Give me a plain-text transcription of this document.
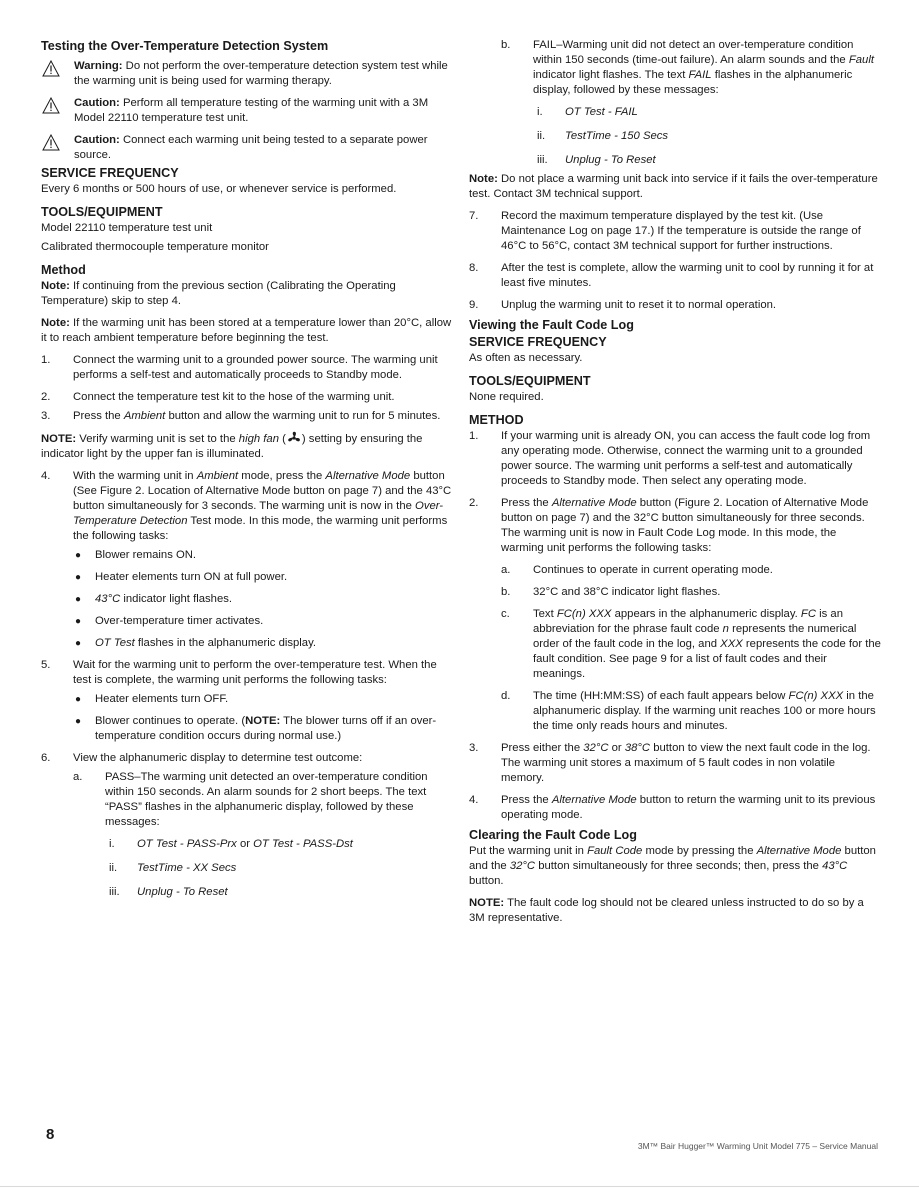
Testing the Over-Temperature Detection System
Warning: Do not perform the over-temperature detection system test while the warming unit is being used for warming therapy.
Caution: Perform all temperature testing of the warming unit with a 3M Model 22110 temperature test unit.
Caution: Connect each warming unit being tested to a separate power source.
SERVICE FREQUENCY
Every 6 months or 500 hours of use, or whenever service is performed.
TOOLS/EQUIPMENT
Model 22110 temperature test unit
Calibrated thermocouple temperature monitor
Method
Note: If continuing from the previous section (Calibrating the Operating Temperature) skip to step 4.
Note: If the warming unit has been stored at a temperature lower than 20°C, allow it to reach ambient temperature before beginning the test.
1. Connect the warming unit to a grounded power source. The warming unit performs a self-test and automatically proceeds to Standby mode.
2. Connect the temperature test kit to the hose of the warming unit.
3. Press the Ambient button and allow the warming unit to run for 5 minutes.
NOTE: Verify warming unit is set to the high fan ( ) setting by ensuring the indicator light by the upper fan is illuminated.
4. With the warming unit in Ambient mode, press the Alternative Mode button (See Figure 2. Location of Alternative Mode button on page 7) and the 43°C button simultaneously for 3 seconds. The warming unit is now in the Over-Temperature Detection Test mode. In this mode, the warming unit performs the following tasks:
● Blower remains ON.
● Heater elements turn ON at full power.
● 43°C indicator light flashes.
● Over-temperature timer activates.
● OT Test flashes in the alphanumeric display.
5. Wait for the warming unit to perform the over-temperature test. When the test is complete, the warming unit performs the following tasks:
● Heater elements turn OFF.
● Blower continues to operate. (NOTE: The blower turns off if an over-temperature condition occurs during normal use.)
6. View the alphanumeric display to determine test outcome:
a. PASS–The warming unit detected an over-temperature condition within 150 seconds. An alarm sounds for 2 short beeps. The text “PASS” flashes in the alphanumeric display, followed by these messages:
i. OT Test - PASS-Prx or OT Test - PASS-Dst
ii. TestTime - XX Secs
iii. Unplug - To Reset
b. FAIL–Warming unit did not detect an over-temperature condition within 150 seconds (time-out failure). An alarm sounds and the Fault indicator light flashes. The text FAIL flashes in the alphanumeric display, followed by these messages:
i. OT Test - FAIL
ii. TestTime - 150 Secs
iii. Unplug - To Reset
Note: Do not place a warming unit back into service if it fails the over-temperature test. Contact 3M technical support.
7. Record the maximum temperature displayed by the test kit. (Use Maintenance Log on page 17.) If the temperature is outside the range of 46°C to 56°C, contact 3M technical support for further instructions.
8. After the test is complete, allow the warming unit to cool by running it for at least five minutes.
9. Unplug the warming unit to reset it to normal operation.
Viewing the Fault Code Log
SERVICE FREQUENCY
As often as necessary.
TOOLS/EQUIPMENT
None required.
METHOD
1. If your warming unit is already ON, you can access the fault code log from any operating mode. Otherwise, connect the warming unit to a grounded power source. The warming unit performs a self-test and automatically proceeds to Standby mode. Then select any operating mode.
2. Press the Alternative Mode button (Figure 2. Location of Alternative Mode button on page 7) and the 32°C button simultaneously for three seconds. The warming unit is now in Fault Code Log mode. In this mode, the warming unit performs the following tasks:
a. Continues to operate in current operating mode.
b. 32°C and 38°C indicator light flashes.
c. Text FC(n) XXX appears in the alphanumeric display. FC is an abbreviation for the phrase fault code n represents the numerical order of the fault code in the log, and XXX represents the code for the fault condition. See page 9 for a list of fault codes and their meanings.
d. The time (HH:MM:SS) of each fault appears below FC(n) XXX in the alphanumeric display. If the warming unit reaches 100 or more hours the time only reads hours and minutes.
3. Press either the 32°C or 38°C button to view the next fault code in the log. The warming unit stores a maximum of 5 fault codes in non volatile memory.
4. Press the Alternative Mode button to return the warming unit to its previous operating mode.
Clearing the Fault Code Log
Put the warming unit in Fault Code mode by pressing the Alternative Mode button and the 32°C button simultaneously for three seconds; then, press the 43°C button.
NOTE: The fault code log should not be cleared unless instructed to do so by a 3M representative.
8
3M™ Bair Hugger™ Warming Unit Model 775 – Service Manual
